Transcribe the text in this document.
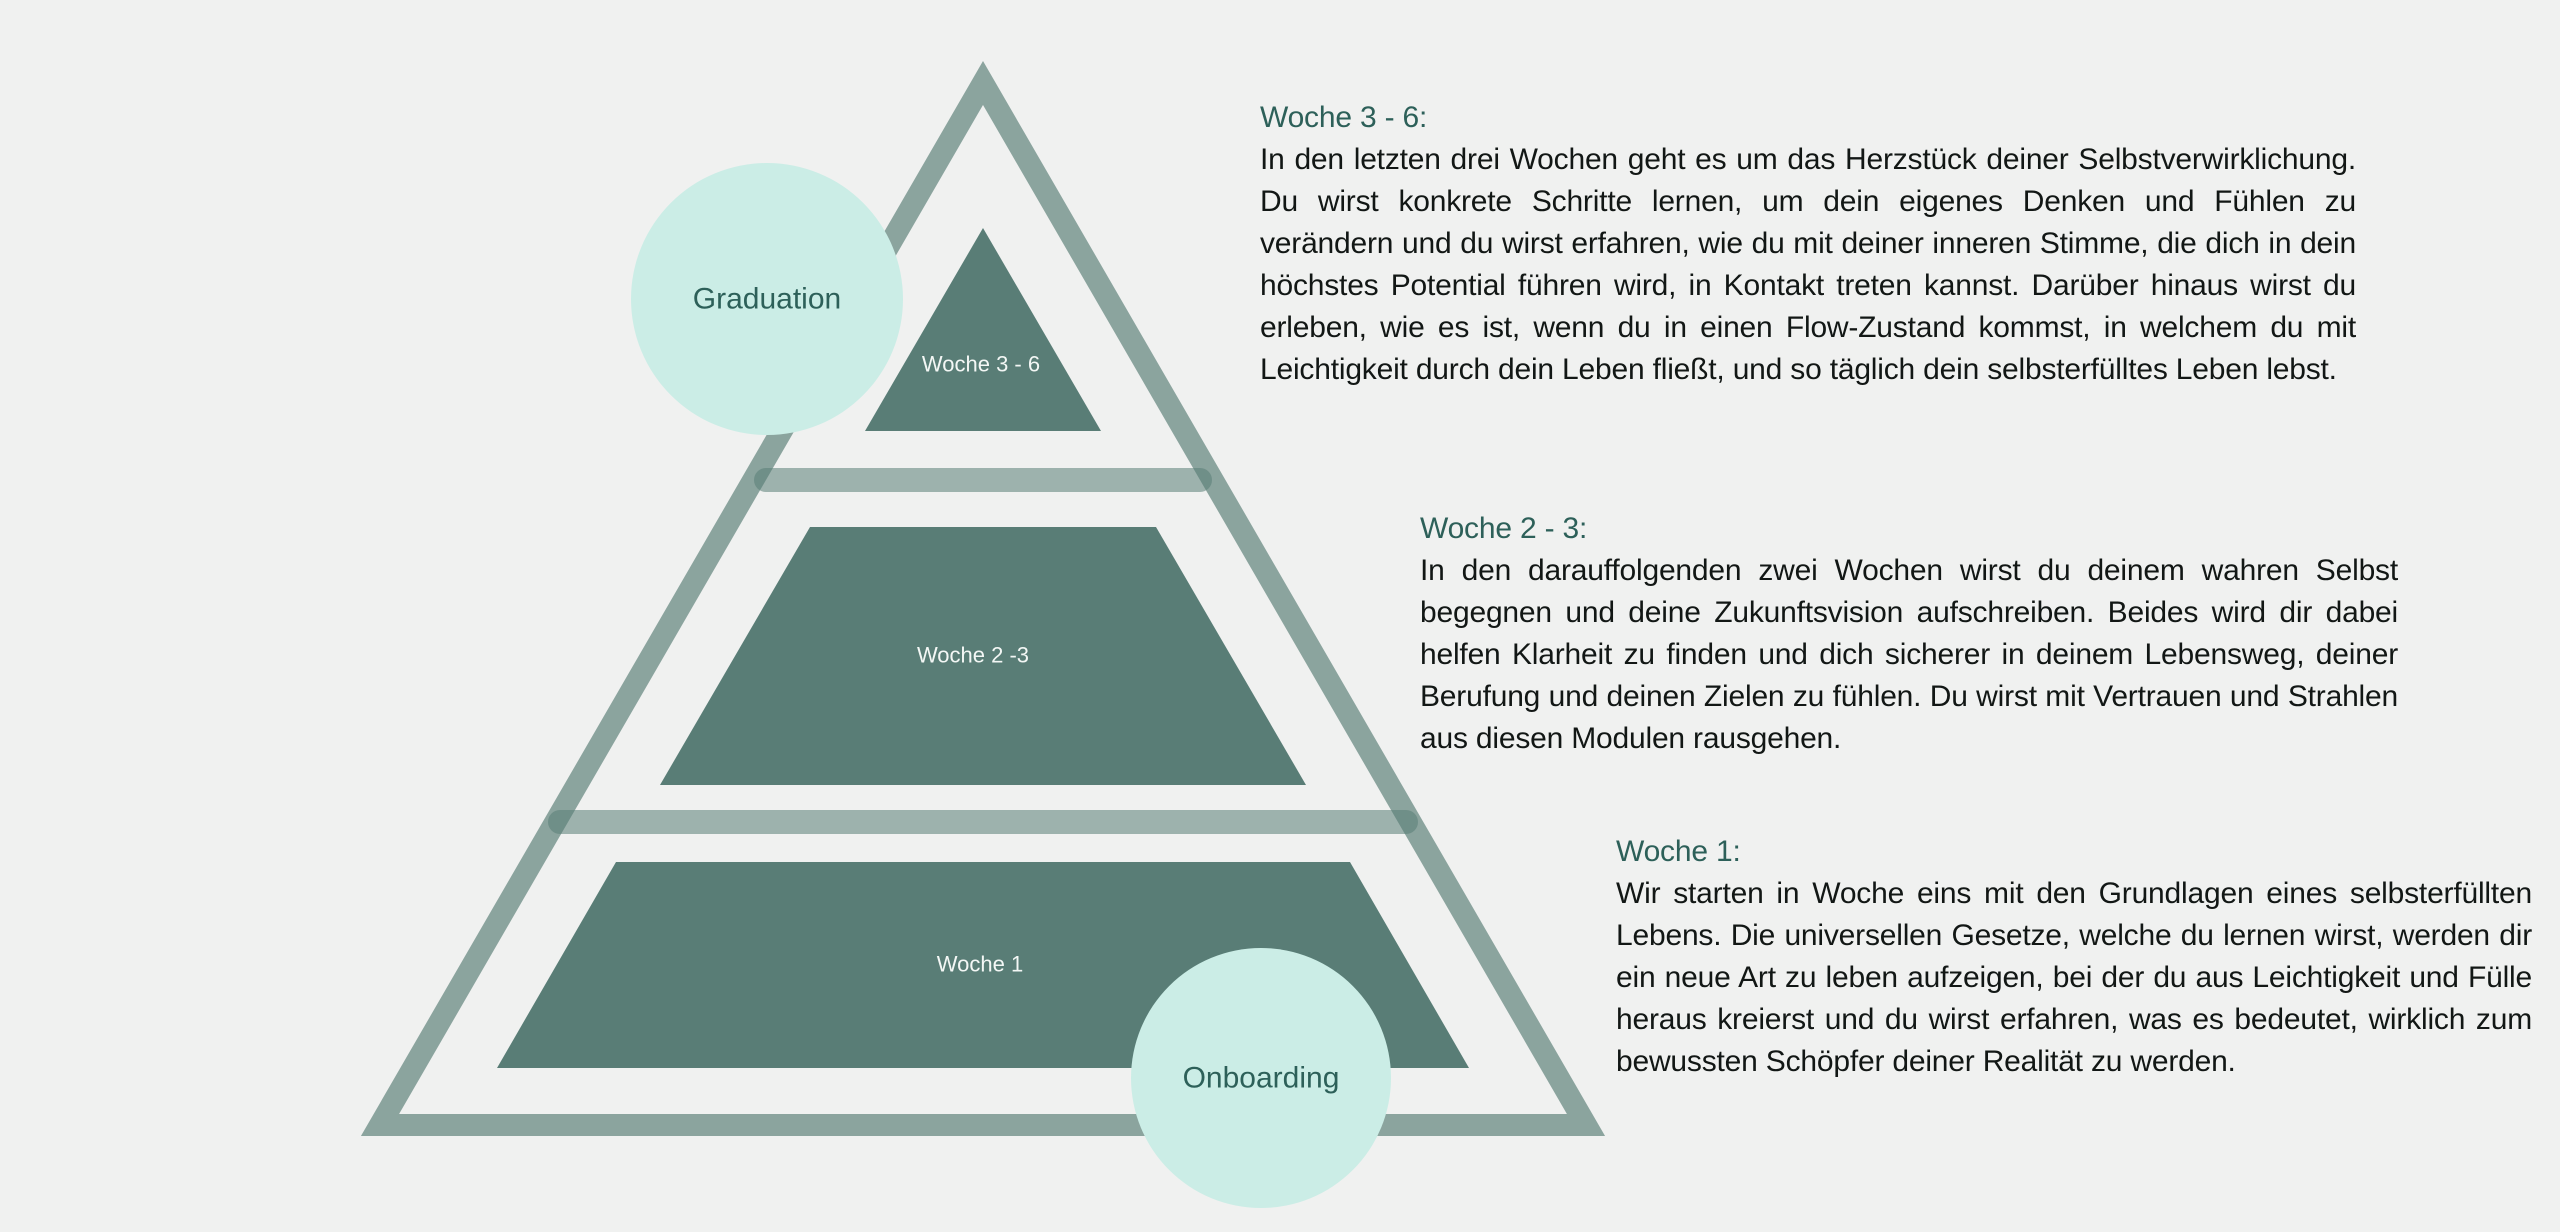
Woche 3 - 6
Woche 2 -3
Woche 1
Graduation
Onboarding
Woche 3 - 6:

In den letzten drei Wochen geht es um das Herzstück deiner Selbstverwirklichung. Du wirst konkrete Schritte lernen, um dein eigenes Denken und Fühlen zu verändern und du wirst erfahren, wie du mit deiner inneren Stimme, die dich in dein höchstes Potential führen wird, in Kontakt treten kannst. Darüber hinaus wirst du erleben, wie es ist, wenn du in einen Flow-Zustand kommst, in welchem du mit Leichtigkeit durch dein Leben fließt, und so täglich dein selbsterfülltes Leben lebst.

Woche 2 - 3:

In den darauffolgenden zwei Wochen wirst du deinem wahren Selbst begegnen und deine Zukunftsvision aufschreiben. Beides wird dir dabei helfen Klarheit zu finden und dich sicherer in deinem Lebensweg, deiner Berufung und deinen Zielen zu fühlen. Du wirst mit Vertrauen und Strahlen aus diesen Modulen rausgehen.

Woche 1:

Wir starten in Woche eins mit den Grundlagen eines selbsterfüllten Lebens. Die universellen Gesetze, welche du lernen wirst, werden dir ein neue Art zu leben aufzeigen, bei der du aus Leichtigkeit und Fülle heraus kreierst und du wirst erfahren, was es bedeutet, wirklich zum bewussten Schöpfer deiner Realität zu werden.
